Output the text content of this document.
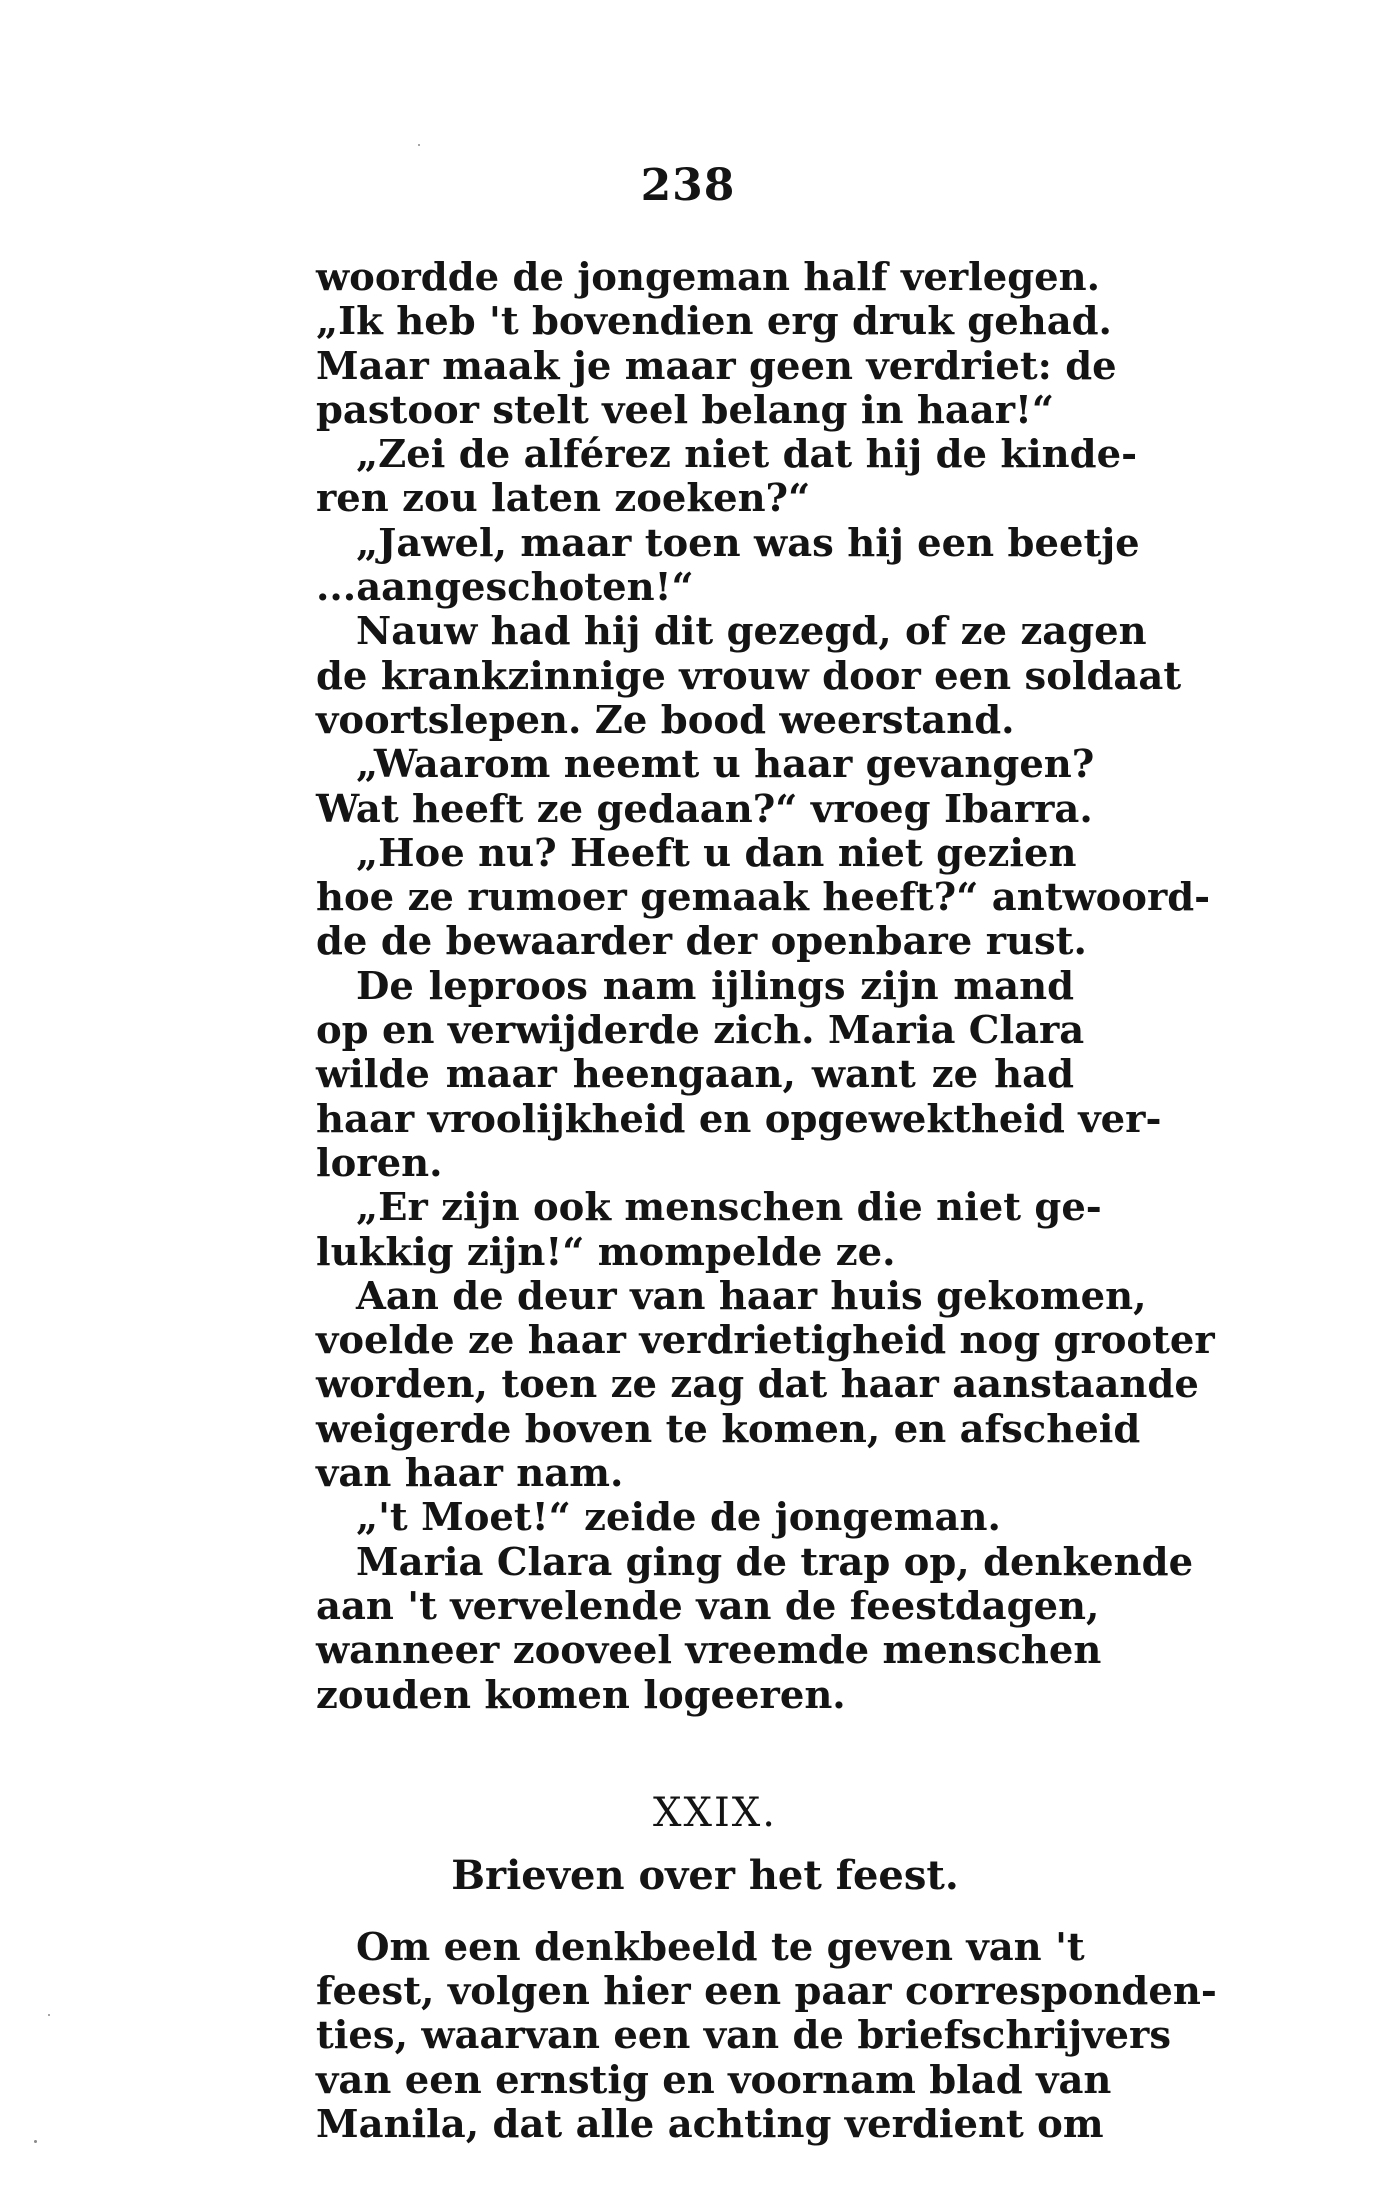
238
woordde de jongeman half verlegen.
„Ik heb 't bovendien erg druk gehad.
Maar maak je maar geen verdriet: de
pastoor stelt veel belang in haar!“
„Zei de alférez niet dat hij de kinde-
ren zou laten zoeken?“
„Jawel, maar toen was hij een beetje
...aangeschoten!“
Nauw had hij dit gezegd, of ze zagen
de krankzinnige vrouw door een soldaat
voortslepen. Ze bood weerstand.
„Waarom neemt u haar gevangen?
Wat heeft ze gedaan?“ vroeg Ibarra.
„Hoe nu? Heeft u dan niet gezien
hoe ze rumoer gemaak heeft?“ antwoord-
de de bewaarder der openbare rust.
De leproos nam ijlings zijn mand
op en verwijderde zich. Maria Clara
wilde maar heengaan, want ze had
haar vroolijkheid en opgewektheid ver-
loren.
„Er zijn ook menschen die niet ge-
lukkig zijn!“ mompelde ze.
Aan de deur van haar huis gekomen,
voelde ze haar verdrietigheid nog grooter
worden, toen ze zag dat haar aanstaande
weigerde boven te komen, en afscheid
van haar nam.
„'t Moet!“ zeide de jongeman.
Maria Clara ging de trap op, denkende
aan 't vervelende van de feestdagen,
wanneer zooveel vreemde menschen
zouden komen logeeren.
XXIX.
Brieven over het feest.
Om een denkbeeld te geven van 't
feest, volgen hier een paar corresponden-
ties, waarvan een van de briefschrijvers
van een ernstig en voornam blad van
Manila, dat alle achting verdient om
